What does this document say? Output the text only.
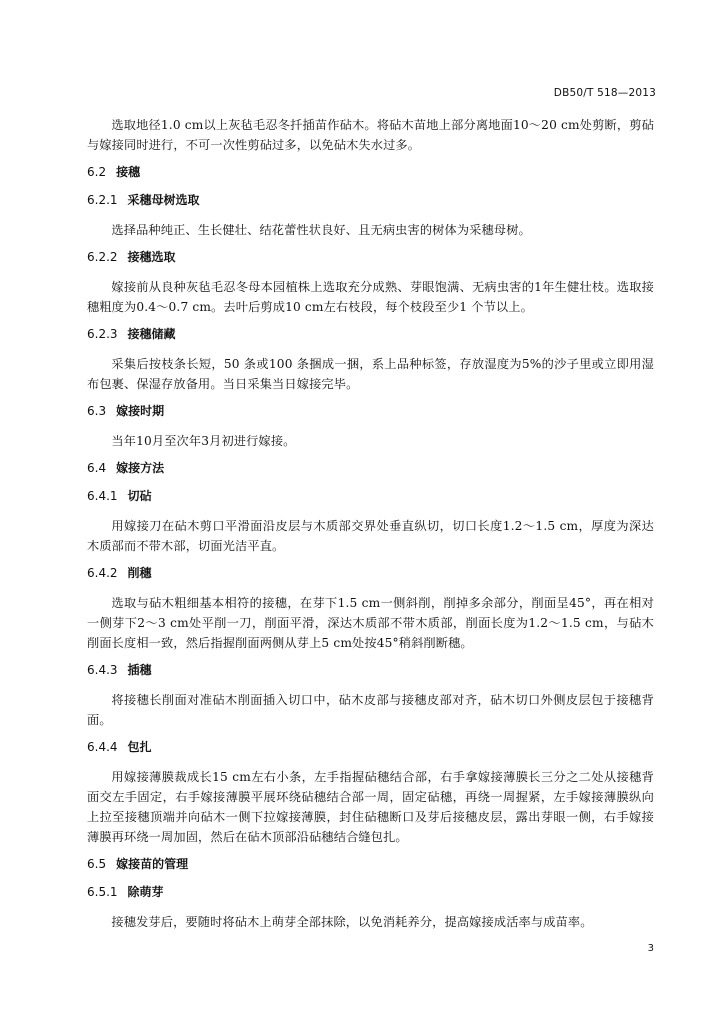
DB50/T 518—2013

选取地径1.0 cm以上灰毡毛忍冬扦插苗作砧木。将砧木苗地上部分离地面10～20 cm处剪断，剪砧与嫁接同时进行，不可一次性剪砧过多，以免砧木失水过多。

6.2 接穗
6.2.1 采穗母树选取

选择品种纯正、生长健壮、结花蕾性状良好、且无病虫害的树体为采穗母树。

6.2.2 接穗选取

嫁接前从良种灰毡毛忍冬母本园植株上选取充分成熟、芽眼饱满、无病虫害的1年生健壮枝。选取接穗粗度为0.4～0.7 cm。去叶后剪成10 cm左右枝段，每个枝段至少1 个节以上。

6.2.3 接穗储藏

采集后按枝条长短，50 条或100 条捆成一捆，系上品种标签，存放湿度为5%的沙子里或立即用湿布包裹、保湿存放备用。当日采集当日嫁接完毕。

6.3 嫁接时期

当年10月至次年3月初进行嫁接。

6.4 嫁接方法
6.4.1 切砧

用嫁接刀在砧木剪口平滑面沿皮层与木质部交界处垂直纵切，切口长度1.2～1.5 cm，厚度为深达木质部而不带木部，切面光洁平直。

6.4.2 削穗

选取与砧木粗细基本相符的接穗，在芽下1.5 cm一侧斜削，削掉多余部分，削面呈45°，再在相对一侧芽下2～3 cm处平削一刀，削面平滑，深达木质部不带木质部，削面长度为1.2～1.5 cm，与砧木削面长度相一致，然后指握削面两侧从芽上5 cm处按45°稍斜削断穗。

6.4.3 插穗

将接穗长削面对准砧木削面插入切口中，砧木皮部与接穗皮部对齐，砧木切口外侧皮层包于接穗背面。

6.4.4 包扎

用嫁接薄膜裁成长15 cm左右小条，左手指握砧穗结合部，右手拿嫁接薄膜长三分之二处从接穗背面交左手固定，右手嫁接薄膜平展环绕砧穗结合部一周，固定砧穗，再绕一周握紧，左手嫁接薄膜纵向上拉至接穗顶端并向砧木一侧下拉嫁接薄膜，封住砧穗断口及芽后接穗皮层，露出芽眼一侧，右手嫁接薄膜再环绕一周加固，然后在砧木顶部沿砧穗结合缝包扎。

6.5 嫁接苗的管理
6.5.1 除萌芽

接穗发芽后，要随时将砧木上萌芽全部抹除，以免消耗养分，提高嫁接成活率与成苗率。

3
